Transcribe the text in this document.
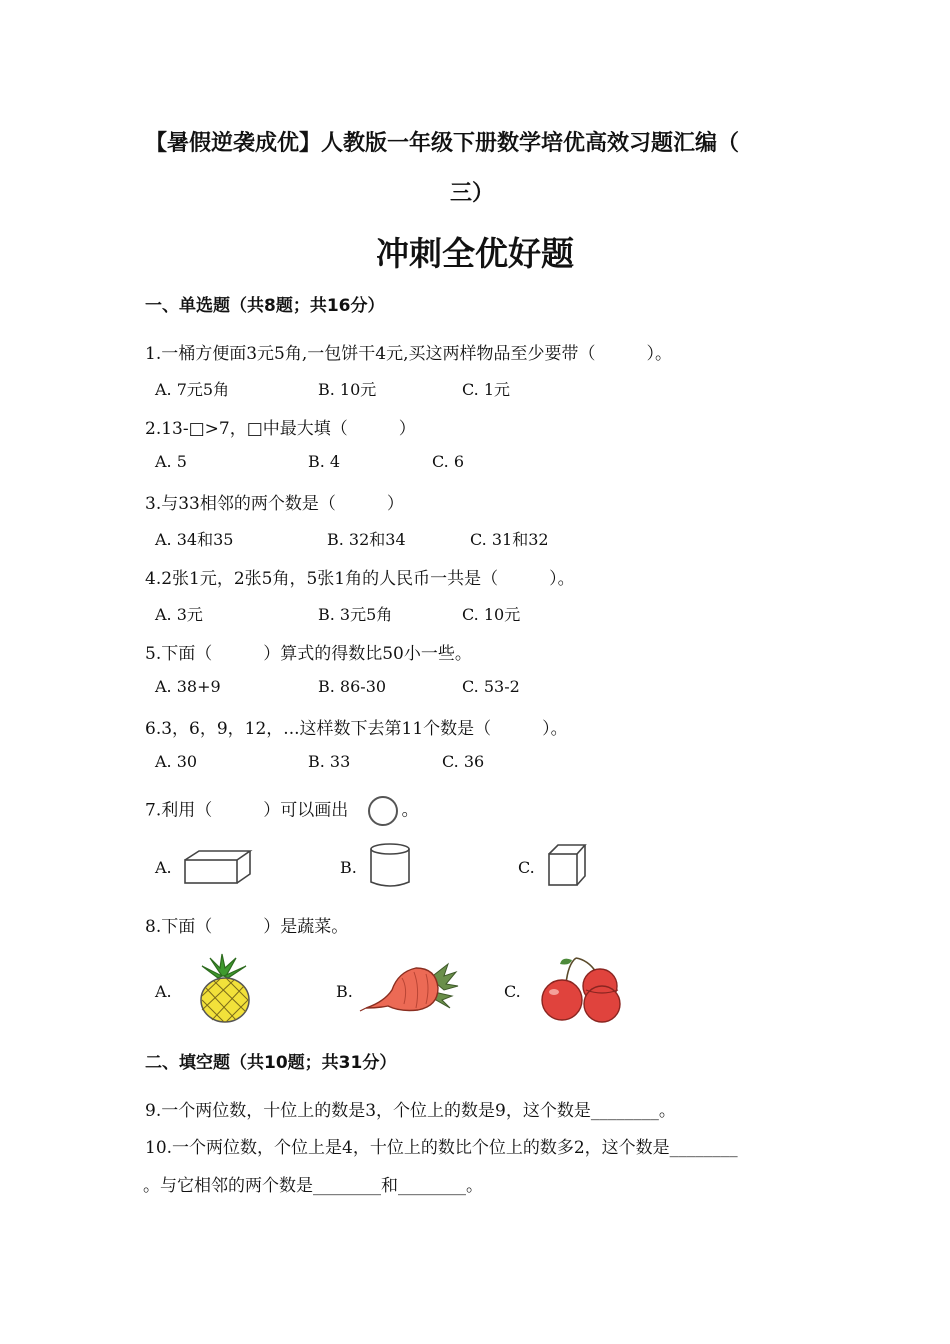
【暑假逆袭成优】人教版一年级下册数学培优高效习题汇编（
三）
冲刺全优好题
一、单选题（共8题；共16分）
1.一桶方便面3元5角,一包饼干4元,买这两样物品至少要带（　　　）。
A. 7元5角	B. 10元	C. 1元
2.13-□>7，□中最大填（　　　）
A. 5	B. 4	C. 6
3.与33相邻的两个数是（　　　）
A. 34和35	B. 32和34	C. 31和32
4.2张1元，2张5角，5张1角的人民币一共是（　　　）。
A. 3元	B. 3元5角	C. 10元
5.下面（　　　）算式的得数比50小一些。
A. 38+9	B. 86-30	C. 53-2
6.3，6，9，12，...这样数下去第11个数是（　　　）。
A. 30	B. 33	C. 36
7.利用（　　　）可以画出	。
A.	B.	C.
8.下面（　　　）是蔬菜。
A.	B.	C.
二、填空题（共10题；共31分）
9.一个两位数，十位上的数是3，个位上的数是9，这个数是________。
10.一个两位数，个位上是4，十位上的数比个位上的数多2，这个数是________
。与它相邻的两个数是________和________。
